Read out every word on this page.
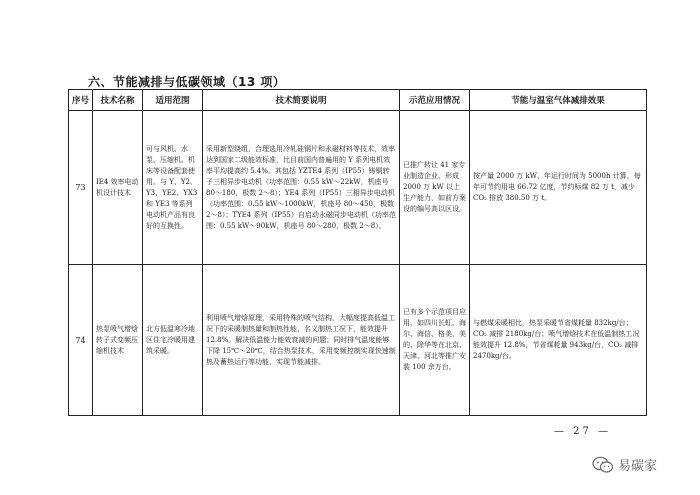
六、节能减排与低碳领域（13 项）
序号	技术名称	适用范围	技术简要说明	示范应用情况	节能与温室气体减排效果
73	IE4 效率电动机设计技术	可与风机、水泵、压缩机、机床等设备配套使用。与 Y、Y2、Y3、YE2、YX3和 YE3 等系列电动机产品有良好的互换性。	采用新型绕组，合理选用冷轧硅钢片和永磁材料等技术，效率达到国家二级能效标准，比目前国内普遍用的 Y 系列电机效率平均提高约 5.4%。其包括 YZTE4 系列（IP55）铸铜转子三相异步电动机（功率范围：0.55 kW～22kW，机座号 80～180，极数 2～8）；YE4 系列（IP55）三相异步电动机（功率范围：0.55 kW～1000kW，机座号 80～450，极数 2～8）；TYE4 系列（IP55）自启动永磁同步电动机（功率范围：0.55 kW～90kW，机座号 80～280，极数 2～8）。	已推广转让 41 家专业制造企业，形成 2000 万 kW 以上生产能力，如前方案设的编号高以区设。	按产量 2000 万 kW、年运行时间为 5000h 计算，每年可节约用电 66.72 亿度，节约标煤 82 万 t，减少 CO₂ 排放 380.50 万 t。

74	热泵喷气增焓转子式变频压缩机技术	北方低温寒冷地区住宅冷暖用建筑采暖。	利用喷气增焓原理，采用特殊的喷气结构，大幅度提高低温工况下的采暖制热量和制热性能，名义制热工况下，能效提升 12.8%。解决低温能力能效衰减的问题；同时排气温度能够下降 15℃～20℃，结合热泵技术，采用变频控制实现快速制热及蓄热运行等功能，实现节能减排。	已有多个示范项目应用，如四川长虹、海尔、海信、格美、美的、除华等在北京、天津、河北等推广安装 100 余万台。	与燃煤采暖相比，热泵采暖节省煤耗量 832kg/台；CO₂ 减排 2180kg/台；喷气增焓技术在低温制热工况能效提升 12.8%，节省煤耗量 943kg/台，CO₂ 减排 2470kg/台。
— 27 —
易碳家
